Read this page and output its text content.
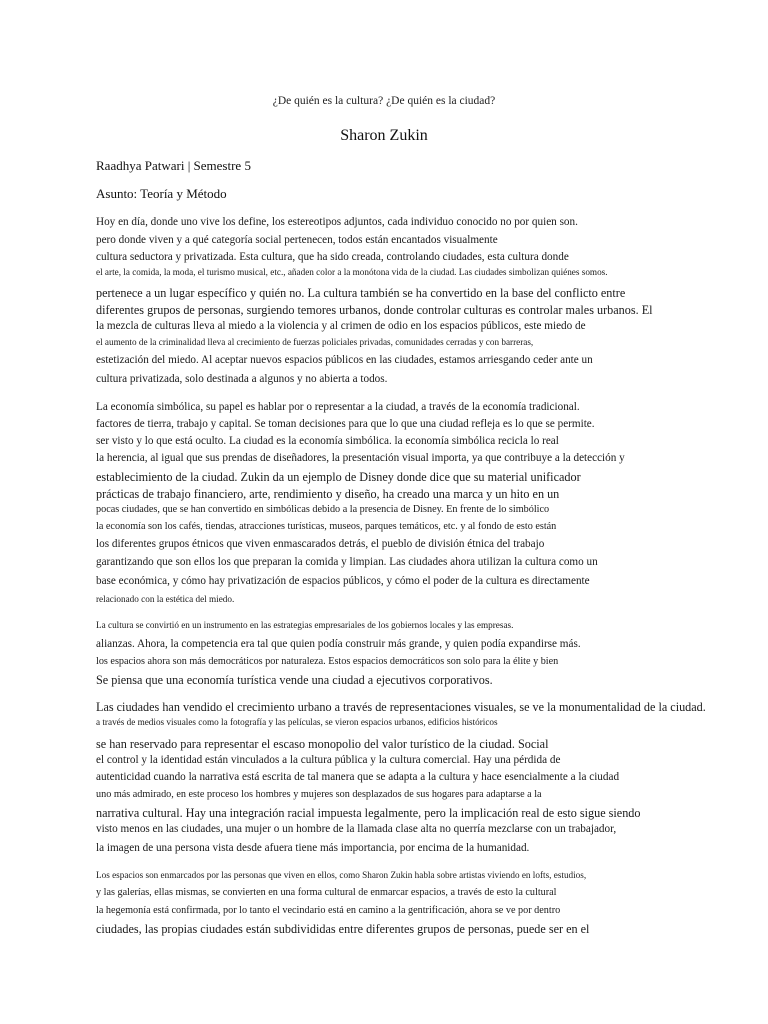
¿De quién es la cultura? ¿De quién es la ciudad?
Sharon Zukin
Raadhya Patwari | Semestre 5
Asunto: Teoría y Método
Hoy en día, donde uno vive los define, los estereotipos adjuntos, cada individuo conocido no por quien son.
pero donde viven y a qué categoría social pertenecen, todos están encantados visualmente
cultura seductora y privatizada. Esta cultura, que ha sido creada, controlando ciudades, esta cultura donde
el arte, la comida, la moda, el turismo musical, etc., añaden color a la monótona vida de la ciudad. Las ciudades simbolizan quiénes somos.
pertenece a un lugar específico y quién no. La cultura también se ha convertido en la base del conflicto entre
diferentes grupos de personas, surgiendo temores urbanos, donde controlar culturas es controlar males urbanos. El
la mezcla de culturas lleva al miedo a la violencia y al crimen de odio en los espacios públicos, este miedo de
el aumento de la criminalidad lleva al crecimiento de fuerzas policiales privadas, comunidades cerradas y con barreras,
estetización del miedo. Al aceptar nuevos espacios públicos en las ciudades, estamos arriesgando ceder ante un
cultura privatizada, solo destinada a algunos y no abierta a todos.
La economía simbólica, su papel es hablar por o representar a la ciudad, a través de la economía tradicional.
factores de tierra, trabajo y capital. Se toman decisiones para que lo que una ciudad refleja es lo que se permite.
ser visto y lo que está oculto. La ciudad es la economía simbólica. la economía simbólica recicla lo real
la herencia, al igual que sus prendas de diseñadores, la presentación visual importa, ya que contribuye a la detección y
establecimiento de la ciudad. Zukin da un ejemplo de Disney donde dice que su material unificador
prácticas de trabajo financiero, arte, rendimiento y diseño, ha creado una marca y un hito en un
pocas ciudades, que se han convertido en simbólicas debido a la presencia de Disney. En frente de lo simbólico
la economía son los cafés, tiendas, atracciones turísticas, museos, parques temáticos, etc. y al fondo de esto están
los diferentes grupos étnicos que viven enmascarados detrás, el pueblo de división étnica del trabajo
garantizando que son ellos los que preparan la comida y limpian. Las ciudades ahora utilizan la cultura como un
base económica, y cómo hay privatización de espacios públicos, y cómo el poder de la cultura es directamente
relacionado con la estética del miedo.
La cultura se convirtió en un instrumento en las estrategias empresariales de los gobiernos locales y las empresas.
alianzas. Ahora, la competencia era tal que quien podía construir más grande, y quien podía expandirse más.
los espacios ahora son más democráticos por naturaleza. Estos espacios democráticos son solo para la élite y bien
Se piensa que una economía turística vende una ciudad a ejecutivos corporativos.
Las ciudades han vendido el crecimiento urbano a través de representaciones visuales, se ve la monumentalidad de la ciudad.
a través de medios visuales como la fotografía y las películas, se vieron espacios urbanos, edificios históricos
se han reservado para representar el escaso monopolio del valor turístico de la ciudad. Social
el control y la identidad están vinculados a la cultura pública y la cultura comercial. Hay una pérdida de
autenticidad cuando la narrativa está escrita de tal manera que se adapta a la cultura y hace esencialmente a la ciudad
uno más admirado, en este proceso los hombres y mujeres son desplazados de sus hogares para adaptarse a la
narrativa cultural. Hay una integración racial impuesta legalmente, pero la implicación real de esto sigue siendo
visto menos en las ciudades, una mujer o un hombre de la llamada clase alta no querría mezclarse con un trabajador,
la imagen de una persona vista desde afuera tiene más importancia, por encima de la humanidad.
Los espacios son enmarcados por las personas que viven en ellos, como Sharon Zukin habla sobre artistas viviendo en lofts, estudios,
y las galerías, ellas mismas, se convierten en una forma cultural de enmarcar espacios, a través de esto la cultural
la hegemonía está confirmada, por lo tanto el vecindario está en camino a la gentrificación, ahora se ve por dentro
ciudades, las propias ciudades están subdivididas entre diferentes grupos de personas, puede ser en el
